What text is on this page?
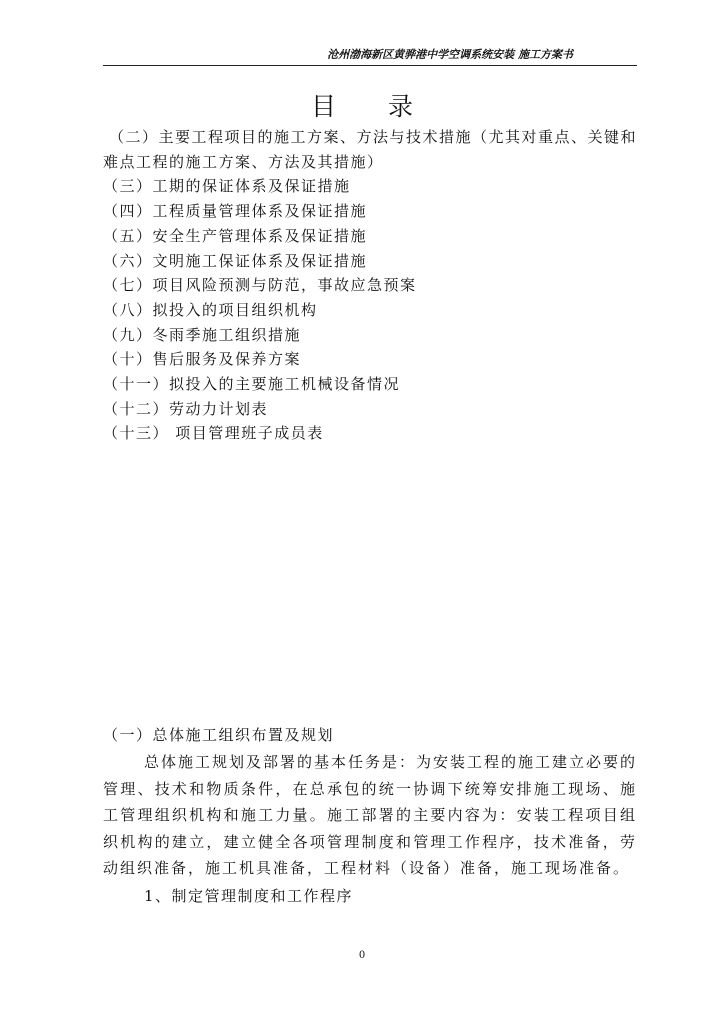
沧州渤海新区黄骅港中学空调系统安装 施工方案书
目 录
（二）主要工程项目的施工方案、方法与技术措施（尤其对重点、关键和难点工程的施工方案、方法及其措施）
（三）工期的保证体系及保证措施
（四）工程质量管理体系及保证措施
（五）安全生产管理体系及保证措施
（六）文明施工保证体系及保证措施
（七）项目风险预测与防范，事故应急预案
（八）拟投入的项目组织机构
（九）冬雨季施工组织措施
（十）售后服务及保养方案
（十一）拟投入的主要施工机械设备情况
（十二）劳动力计划表
（十三） 项目管理班子成员表
（一）总体施工组织布置及规划

总体施工规划及部署的基本任务是：为安装工程的施工建立必要的管理、技术和物质条件，在总承包的统一协调下统筹安排施工现场、施工管理组织机构和施工力量。施工部署的主要内容为：安装工程项目组织机构的建立，建立健全各项管理制度和管理工作程序，技术准备，劳动组织准备，施工机具准备，工程材料（设备）准备，施工现场准备。

1、制定管理制度和工作程序

0
